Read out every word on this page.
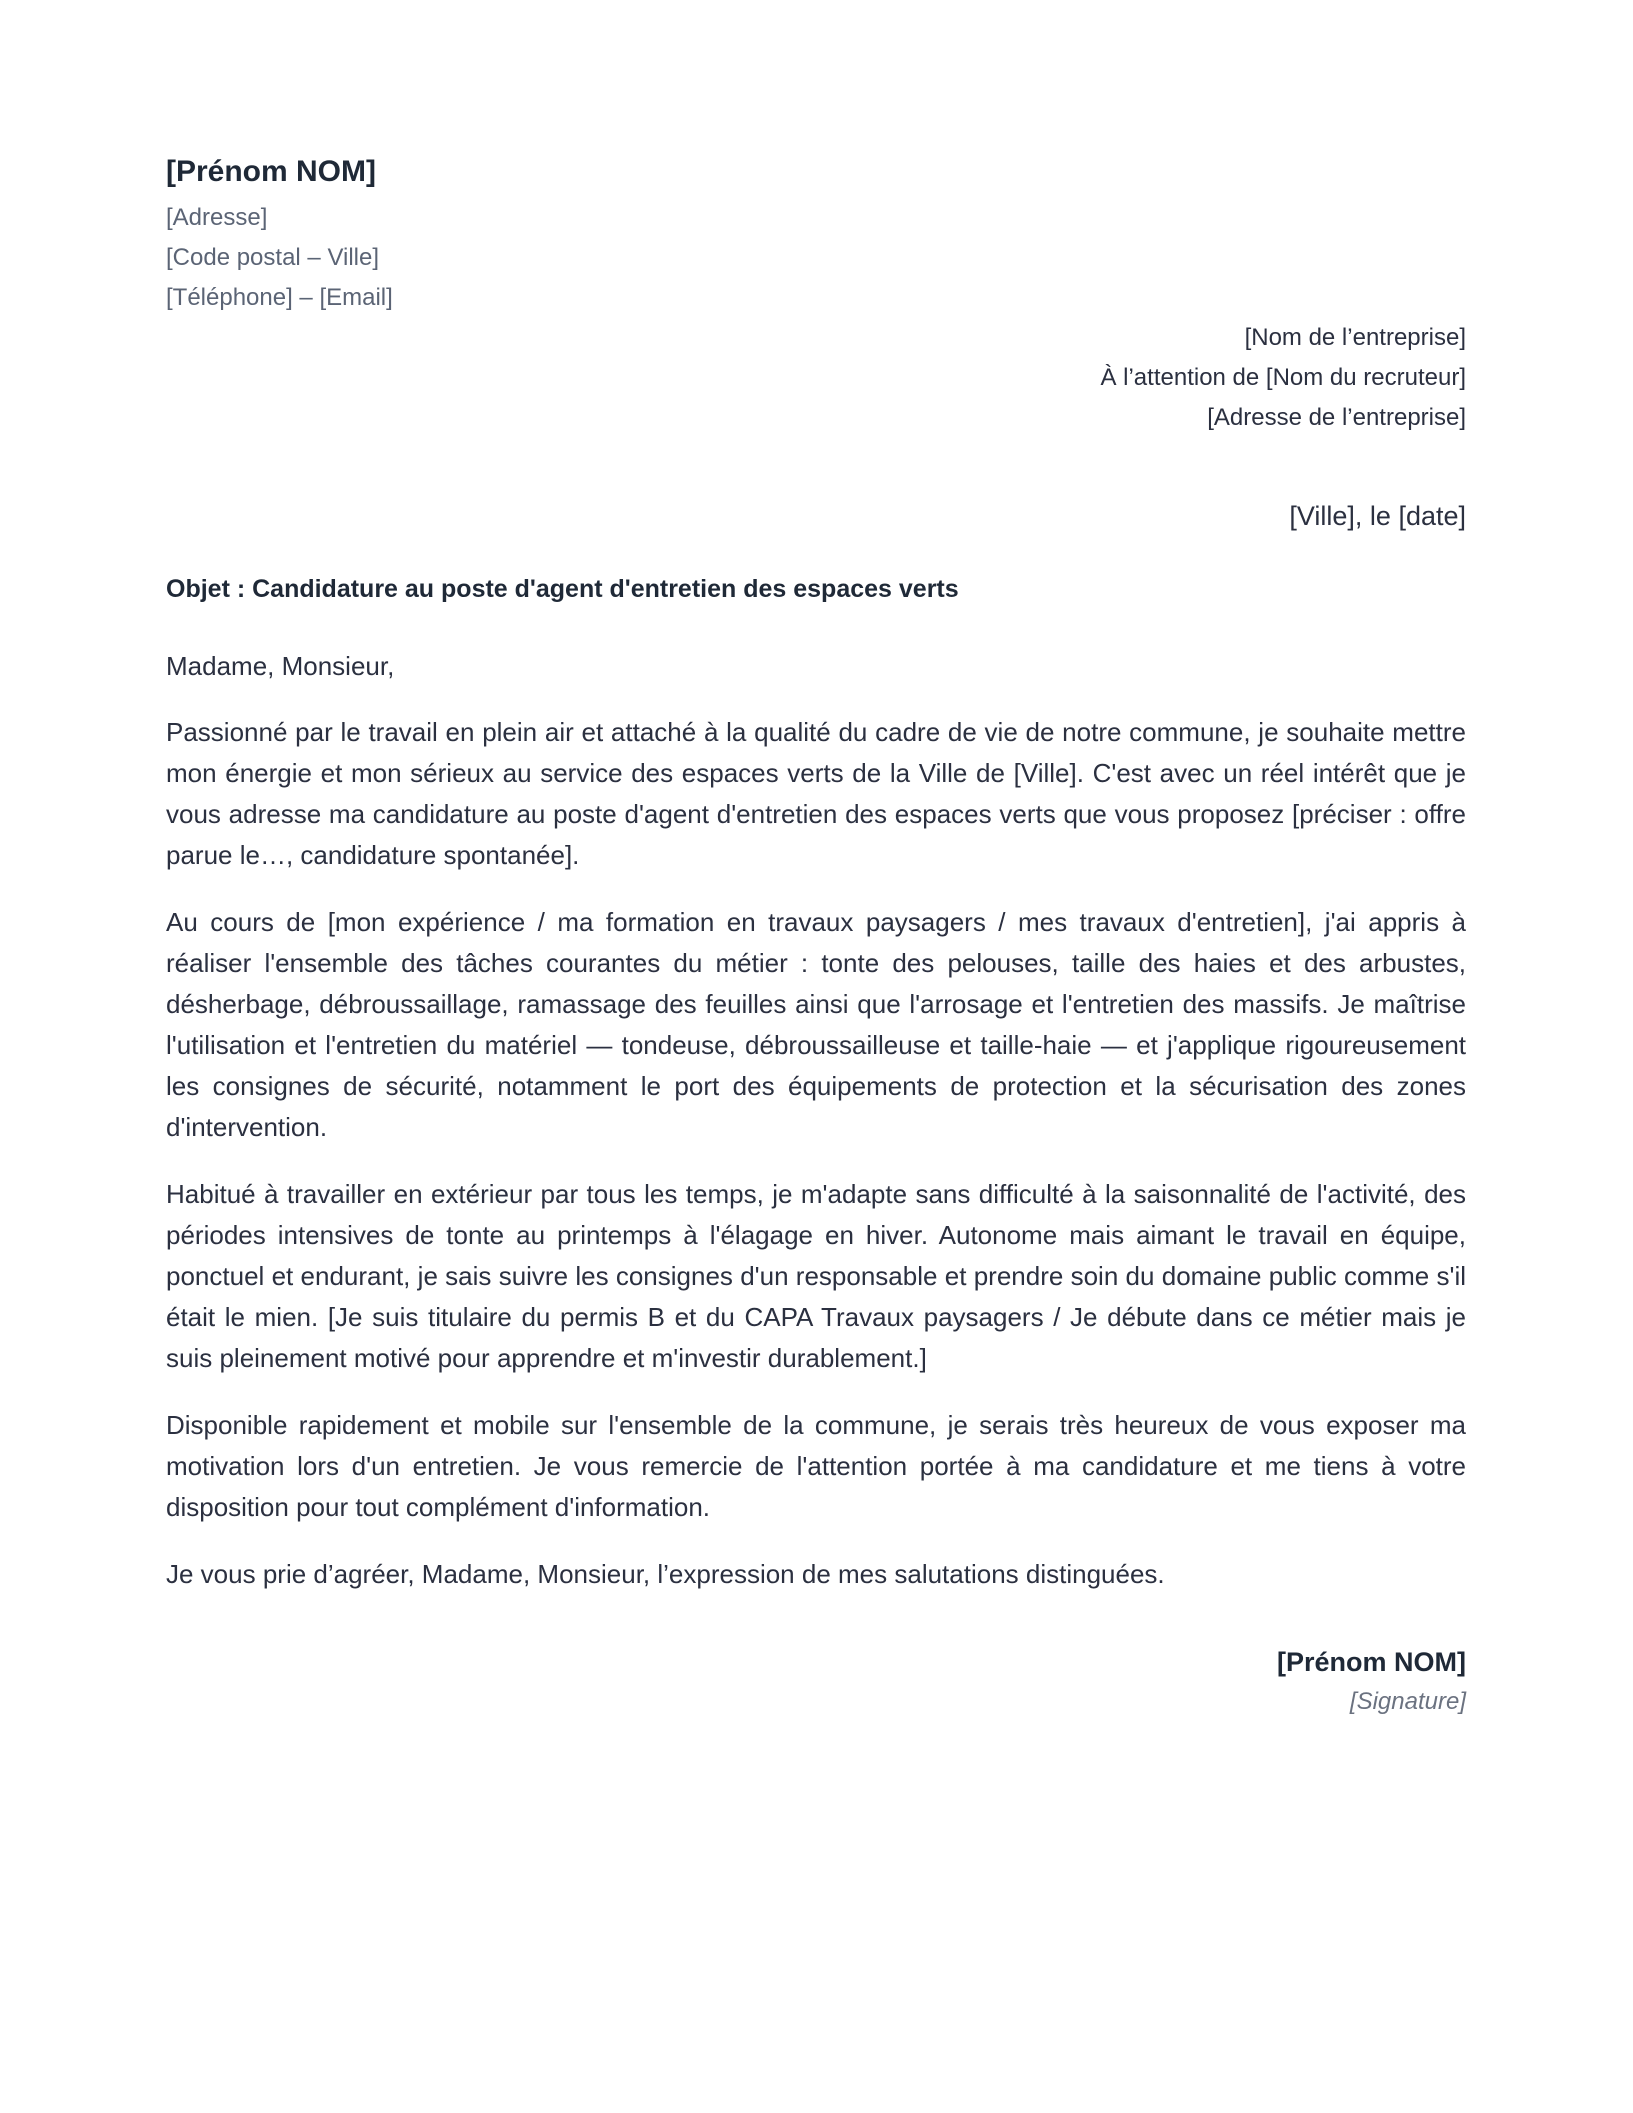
[Prénom NOM]
[Adresse]
[Code postal – Ville]
[Téléphone] – [Email]
[Nom de l’entreprise]
À l’attention de [Nom du recruteur]
[Adresse de l’entreprise]
[Ville], le [date]
Objet : Candidature au poste d'agent d'entretien des espaces verts
Madame, Monsieur,

Passionné par le travail en plein air et attaché à la qualité du cadre de vie de notre commune, je souhaite mettre mon énergie et mon sérieux au service des espaces verts de la Ville de [Ville]. C'est avec un réel intérêt que je vous adresse ma candidature au poste d'agent d'entretien des espaces verts que vous proposez [préciser : offre parue le…, candidature spontanée].

Au cours de [mon expérience / ma formation en travaux paysagers / mes travaux d'entretien], j'ai appris à réaliser l'ensemble des tâches courantes du métier : tonte des pelouses, taille des haies et des arbustes, désherbage, débroussaillage, ramassage des feuilles ainsi que l'arrosage et l'entretien des massifs. Je maîtrise l'utilisation et l'entretien du matériel — tondeuse, débroussailleuse et taille-haie — et j'applique rigoureusement les consignes de sécurité, notamment le port des équipements de protection et la sécurisation des zones d'intervention.

Habitué à travailler en extérieur par tous les temps, je m'adapte sans difficulté à la saisonnalité de l'activité, des périodes intensives de tonte au printemps à l'élagage en hiver. Autonome mais aimant le travail en équipe, ponctuel et endurant, je sais suivre les consignes d'un responsable et prendre soin du domaine public comme s'il était le mien. [Je suis titulaire du permis B et du CAPA Travaux paysagers / Je débute dans ce métier mais je suis pleinement motivé pour apprendre et m'investir durablement.]

Disponible rapidement et mobile sur l'ensemble de la commune, je serais très heureux de vous exposer ma motivation lors d'un entretien. Je vous remercie de l'attention portée à ma candidature et me tiens à votre disposition pour tout complément d'information.

Je vous prie d’agréer, Madame, Monsieur, l’expression de mes salutations distinguées.
[Prénom NOM]
[Signature]
